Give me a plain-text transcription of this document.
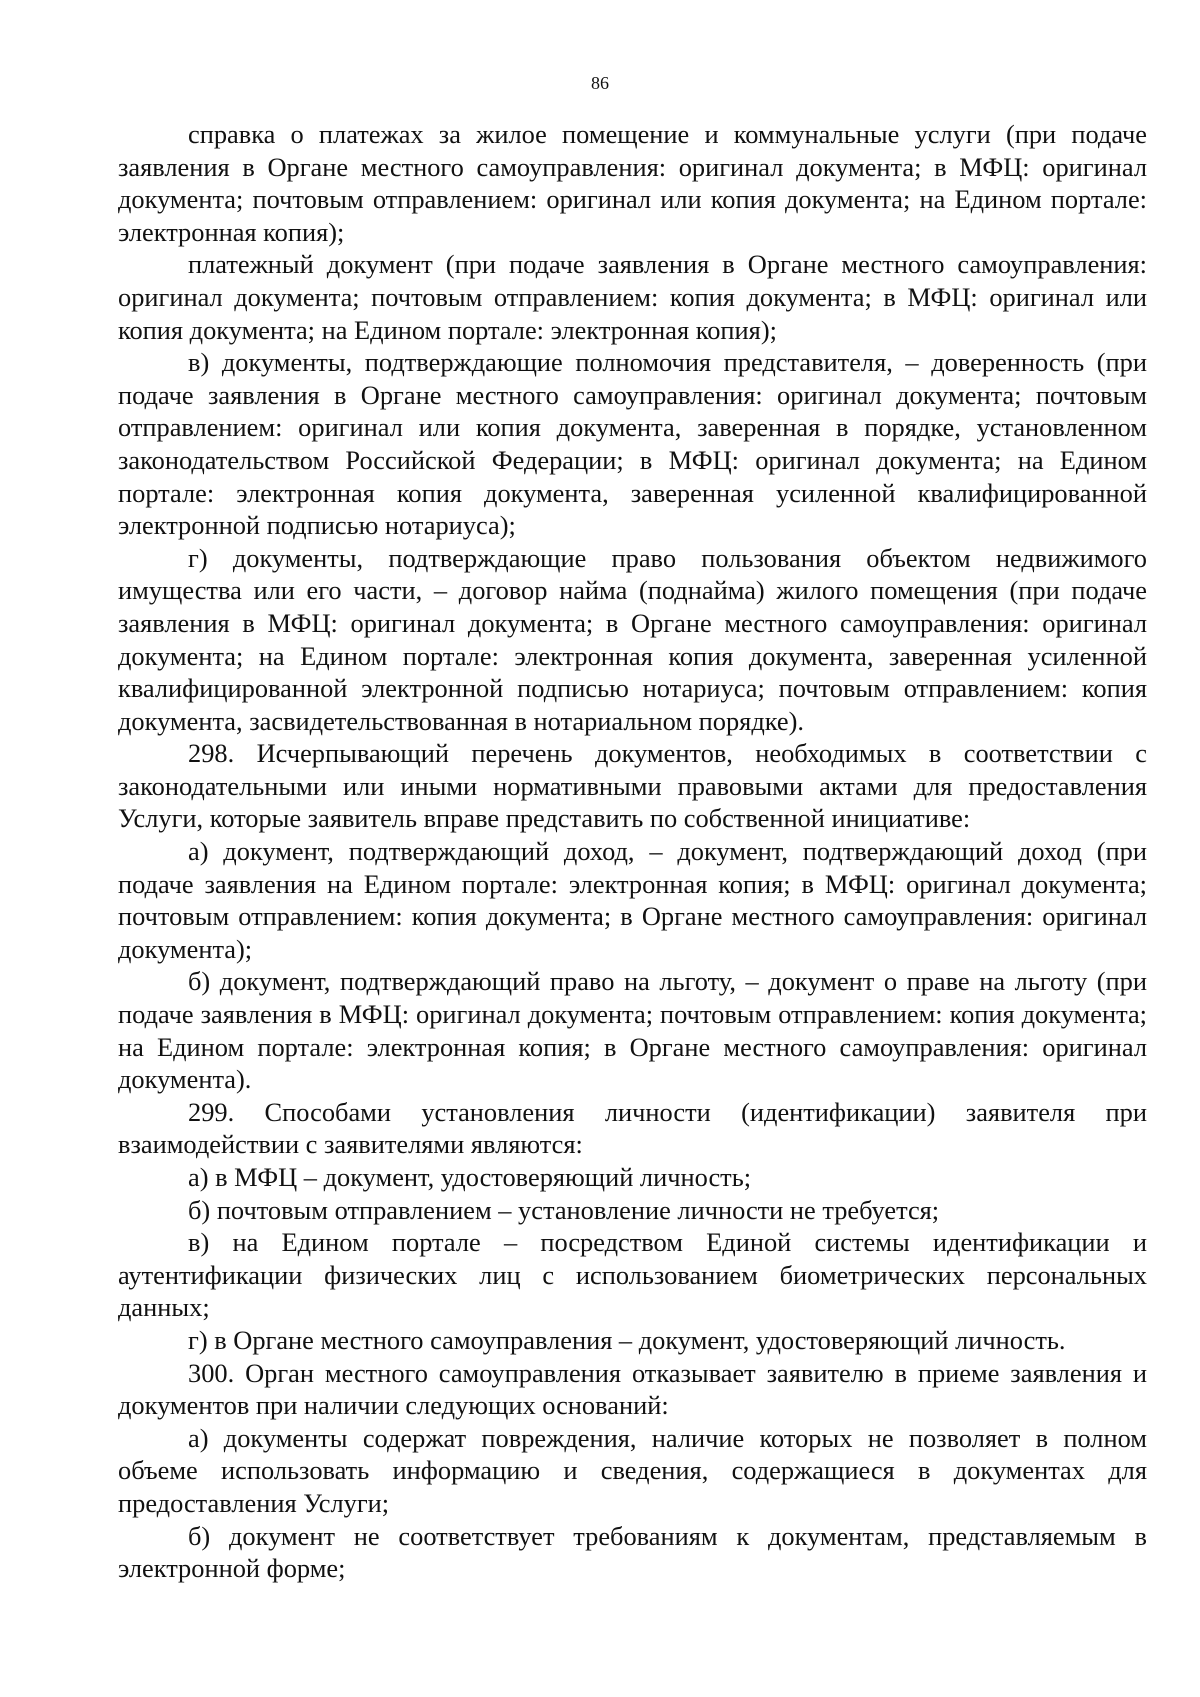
86

справка о платежах за жилое помещение и коммунальные услуги (при подаче заявления в Органе местного самоуправления: оригинал документа; в МФЦ: оригинал документа; почтовым отправлением: оригинал или копия документа; на Едином портале: электронная копия);

платежный документ (при подаче заявления в Органе местного самоуправления: оригинал документа; почтовым отправлением: копия документа; в МФЦ: оригинал или копия документа; на Едином портале: электронная копия);

в) документы, подтверждающие полномочия представителя, – доверенность (при подаче заявления в Органе местного самоуправления: оригинал документа; почтовым отправлением: оригинал или копия документа, заверенная в порядке, установленном законодательством Российской Федерации; в МФЦ: оригинал документа; на Едином портале: электронная копия документа, заверенная усиленной квалифицированной электронной подписью нотариуса);

г) документы, подтверждающие право пользования объектом недвижимого имущества или его части, – договор найма (поднайма) жилого помещения (при подаче заявления в МФЦ: оригинал документа; в Органе местного самоуправления: оригинал документа; на Едином портале: электронная копия документа, заверенная усиленной квалифицированной электронной подписью нотариуса; почтовым отправлением: копия документа, засвидетельствованная в нотариальном порядке).

298. Исчерпывающий перечень документов, необходимых в соответствии с законодательными или иными нормативными правовыми актами для предоставления Услуги, которые заявитель вправе представить по собственной инициативе:

а) документ, подтверждающий доход, – документ, подтверждающий доход (при подаче заявления на Едином портале: электронная копия; в МФЦ: оригинал документа; почтовым отправлением: копия документа; в Органе местного самоуправления: оригинал документа);

б) документ, подтверждающий право на льготу, – документ о праве на льготу (при подаче заявления в МФЦ: оригинал документа; почтовым отправлением: копия документа; на Едином портале: электронная копия; в Органе местного самоуправления: оригинал документа).

299. Способами установления личности (идентификации) заявителя при взаимодействии с заявителями являются:

а) в МФЦ – документ, удостоверяющий личность;

б) почтовым отправлением – установление личности не требуется;

в) на Едином портале – посредством Единой системы идентификации и аутентификации физических лиц с использованием биометрических персональных данных;

г) в Органе местного самоуправления – документ, удостоверяющий личность.

300. Орган местного самоуправления отказывает заявителю в приеме заявления и документов при наличии следующих оснований:

а) документы содержат повреждения, наличие которых не позволяет в полном объеме использовать информацию и сведения, содержащиеся в документах для предоставления Услуги;

б) документ не соответствует требованиям к документам, представляемым в электронной форме;
